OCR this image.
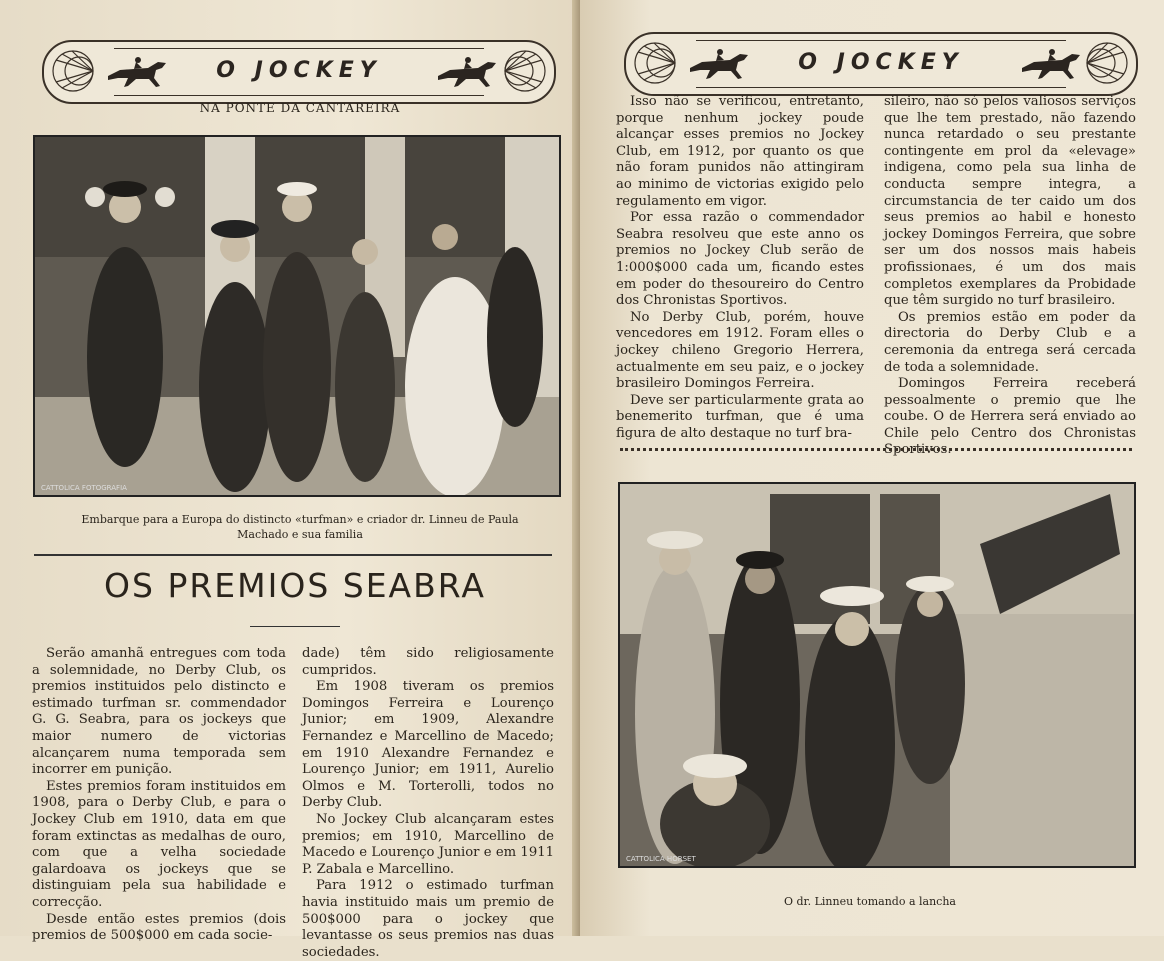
O JOCKEY
NA PONTE DA CANTAREIRA
CATTOLICA FOTOGRAFIA
Embarque para a Europa do distincto «turfman» e criador dr. Linneu de Paula Machado e sua familia
OS PREMIOS SEABRA

Serão amanhã entregues com toda a solemnidade, no Derby Club, os premios instituidos pelo distincto e estimado turfman sr. commendador G. G. Seabra, para os jockeys que maior numero de victorias alcançarem numa temporada sem incorrer em punição.

Estes premios foram instituidos em 1908, para o Derby Club, e para o Jockey Club em 1910, data em que foram extinctas as medalhas de ouro, com que a velha sociedade galardoava os jockeys que se distinguiam pela sua habilidade e correcção.

Desde então estes premios (dois premios de 500$000 em cada socie-

dade) têm sido religiosamente cumpridos.

Em 1908 tiveram os premios Domingos Ferreira e Lourenço Junior; em 1909, Alexandre Fernandez e Marcellino de Macedo; em 1910 Alexandre Fernandez e Lourenço Junior; em 1911, Aurelio Olmos e M. Torterolli, todos no Derby Club.

No Jockey Club alcançaram estes premios; em 1910, Marcellino de Macedo e Lourenço Junior e em 1911 P. Zabala e Marcellino.

Para 1912 o estimado turfman havia instituido mais um premio de 500$000 para o jockey que levantasse os seus premios nas duas sociedades.

O JOCKEY

Isso não se verificou, entretanto, porque nenhum jockey poude alcançar esses premios no Jockey Club, em 1912, por quanto os que não foram punidos não attingiram ao minimo de victorias exigido pelo regulamento em vigor.

Por essa razão o commendador Seabra resolveu que este anno os premios no Jockey Club serão de 1:000$000 cada um, ficando estes em poder do thesoureiro do Centro dos Chronistas Sportivos.

No Derby Club, porém, houve vencedores em 1912. Foram elles o jockey chileno Gregorio Herrera, actualmente em seu paiz, e o jockey brasileiro Domingos Ferreira.

Deve ser particularmente grata ao benemerito turfman, que é uma figura de alto destaque no turf bra-

sileiro, não só pelos valiosos serviços que lhe tem prestado, não fazendo nunca retardado o seu prestante contingente em prol da «elevage» indigena, como pela sua linha de conducta sempre integra, a circumstancia de ter caido um dos seus premios ao habil e honesto jockey Domingos Ferreira, que sobre ser um dos nossos mais habeis profissionaes, é um dos mais completos exemplares da Probidade que têm surgido no turf brasileiro.

Os premios estão em poder da directoria do Derby Club e a ceremonia da entrega será cercada de toda a solemnidade.

Domingos Ferreira receberá pessoalmente o premio que lhe coube. O de Herrera será enviado ao Chile pelo Centro dos Chronistas Sportivos.

CATTOLICA HORSET
O dr. Linneu tomando a lancha
